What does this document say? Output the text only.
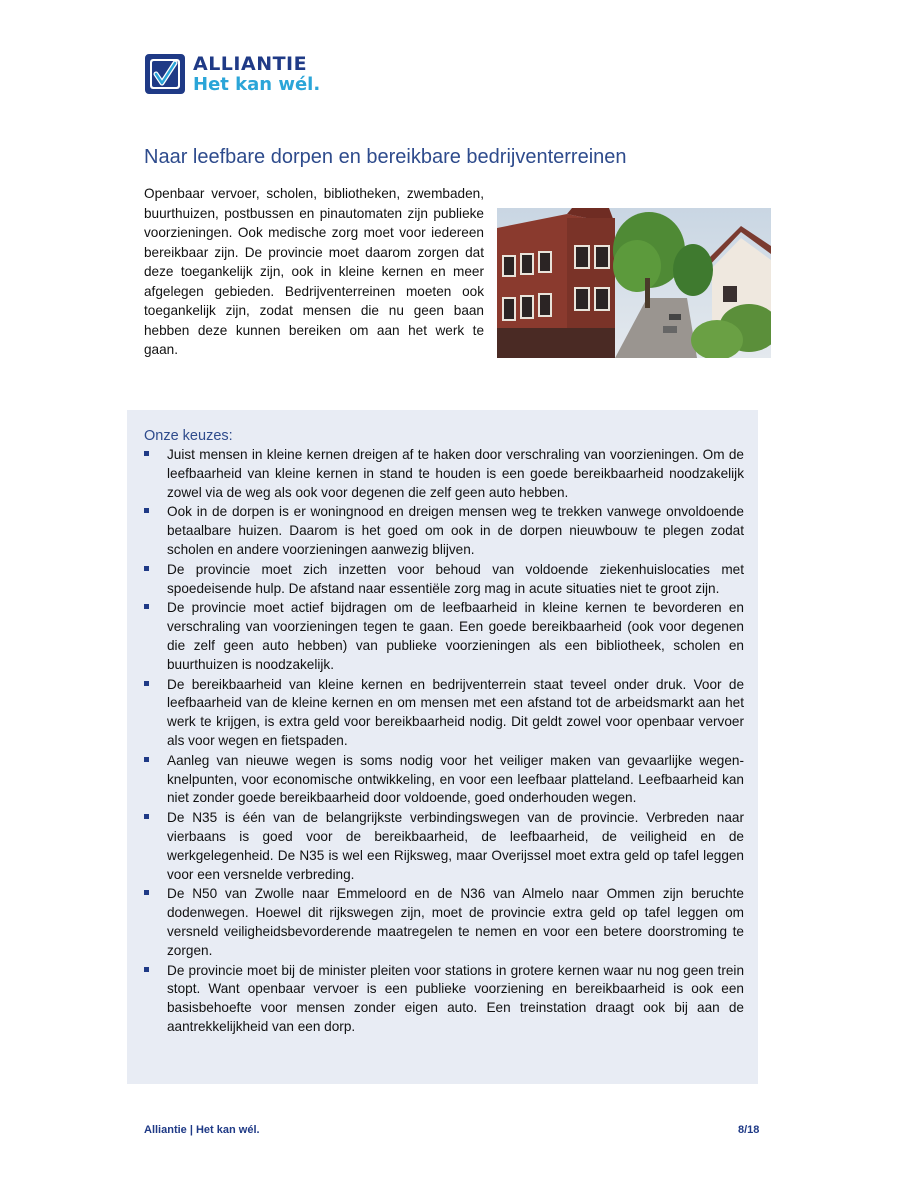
ALLIANTIE
Het kan wél.
Naar leefbare dorpen en bereikbare bedrijventerreinen

Openbaar vervoer, scholen, bibliotheken, zwembaden, buurthuizen, postbussen en pinautomaten zijn publieke voorzieningen. Ook medische zorg moet voor iedereen bereikbaar zijn. De provincie moet daarom zorgen dat deze toegankelijk zijn, ook in kleine kernen en meer afgelegen gebieden. Bedrijventerreinen moeten ook toegankelijk zijn, zodat mensen die nu geen baan hebben deze kunnen bereiken om aan het werk te gaan.

Onze keuzes:
Juist mensen in kleine kernen dreigen af te haken door verschraling van voorzieningen. Om de leefbaarheid van kleine kernen in stand te houden is een goede bereikbaarheid noodzakelijk zowel via de weg als ook voor degenen die zelf geen auto hebben.
Ook in de dorpen is er woningnood en dreigen mensen weg te trekken vanwege onvoldoende betaalbare huizen. Daarom is het goed om ook in de dorpen nieuwbouw te plegen zodat scholen en andere voorzieningen aanwezig blijven.
De provincie moet zich inzetten voor behoud van voldoende ziekenhuislocaties met spoedeisende hulp. De afstand naar essentiële zorg mag in acute situaties niet te groot zijn.
De provincie moet actief bijdragen om de leefbaarheid in kleine kernen te bevorderen en verschraling van voorzieningen tegen te gaan. Een goede bereikbaarheid (ook voor degenen die zelf geen auto hebben) van publieke voorzieningen als een bibliotheek, scholen en buurthuizen is noodzakelijk.
De bereikbaarheid van kleine kernen en bedrijventerrein staat teveel onder druk. Voor de leefbaarheid van de kleine kernen en om mensen met een afstand tot de arbeidsmarkt aan het werk te krijgen, is extra geld voor bereikbaarheid nodig. Dit geldt zowel voor openbaar vervoer als voor wegen en fietspaden.
Aanleg van nieuwe wegen is soms nodig voor het veiliger maken van gevaarlijke wegen-knelpunten, voor economische ontwikkeling, en voor een leefbaar platteland. Leefbaarheid kan niet zonder goede bereikbaarheid door voldoende, goed onderhouden wegen.
De N35 is één van de belangrijkste verbindingswegen van de provincie. Verbreden naar vierbaans is goed voor de bereikbaarheid, de leefbaarheid, de veiligheid en de werkgelegenheid. De N35 is wel een Rijksweg, maar Overijssel moet extra geld op tafel leggen voor een versnelde verbreding.
De N50 van Zwolle naar Emmeloord en de N36 van Almelo naar Ommen zijn beruchte dodenwegen. Hoewel dit rijkswegen zijn, moet de provincie extra geld op tafel leggen om versneld veiligheidsbevorderende maatregelen te nemen en voor een betere doorstroming te zorgen.
De provincie moet bij de minister pleiten voor stations in grotere kernen waar nu nog geen trein stopt. Want openbaar vervoer is een publieke voorziening en bereikbaarheid is ook een basisbehoefte voor mensen zonder eigen auto. Een treinstation draagt ook bij aan de aantrekkelijkheid van een dorp.
Alliantie | Het kan wél.	8/18
